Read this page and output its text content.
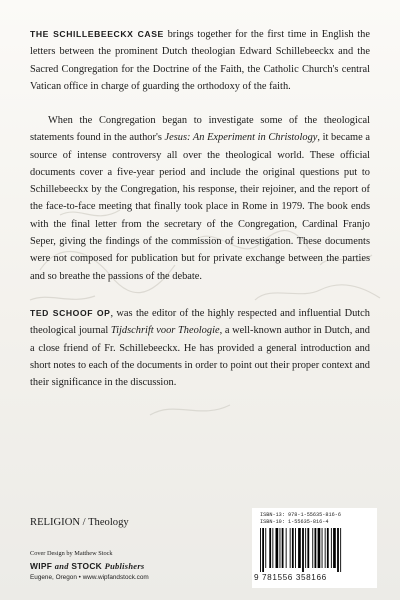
THE SCHILLEBEECKX CASE brings together for the first time in English the letters between the prominent Dutch theologian Edward Schillebeeckx and the Sacred Congregation for the Doctrine of the Faith, the Catholic Church's central Vatican office in charge of guarding the orthodoxy of the faith.

When the Congregation began to investigate some of the theological statements found in the author's Jesus: An Experiment in Christology, it became a source of intense controversy all over the theological world. These official documents cover a five-year period and include the original questions put to Schillebeeckx by the Congregation, his response, their rejoiner, and the report of the face-to-face meeting that finally took place in Rome in 1979. The book ends with the final letter from the secretary of the Congregation, Cardinal Franjo Seper, giving the findings of the commission of investigation. These documents were not composed for publication but for private exchange between the parties and so breathe the passions of the debate.

TED SCHOOF OP, was the editor of the highly respected and influential Dutch theological journal Tijdschrift voor Theologie, a well-known author in Dutch, and a close friend of Fr. Schillebeeckx. He has provided a general introduction and short notes to each of the documents in order to point out their proper context and their significance in the discussion.

RELIGION / Theology

Cover Design by Matthew Stock

WIPF and STOCK Publishers

Eugene, Oregon • www.wipfandstock.com

ISBN-13: 978-1-55635-816-6
ISBN-10: 1-55635-816-4
9 781556 358166
